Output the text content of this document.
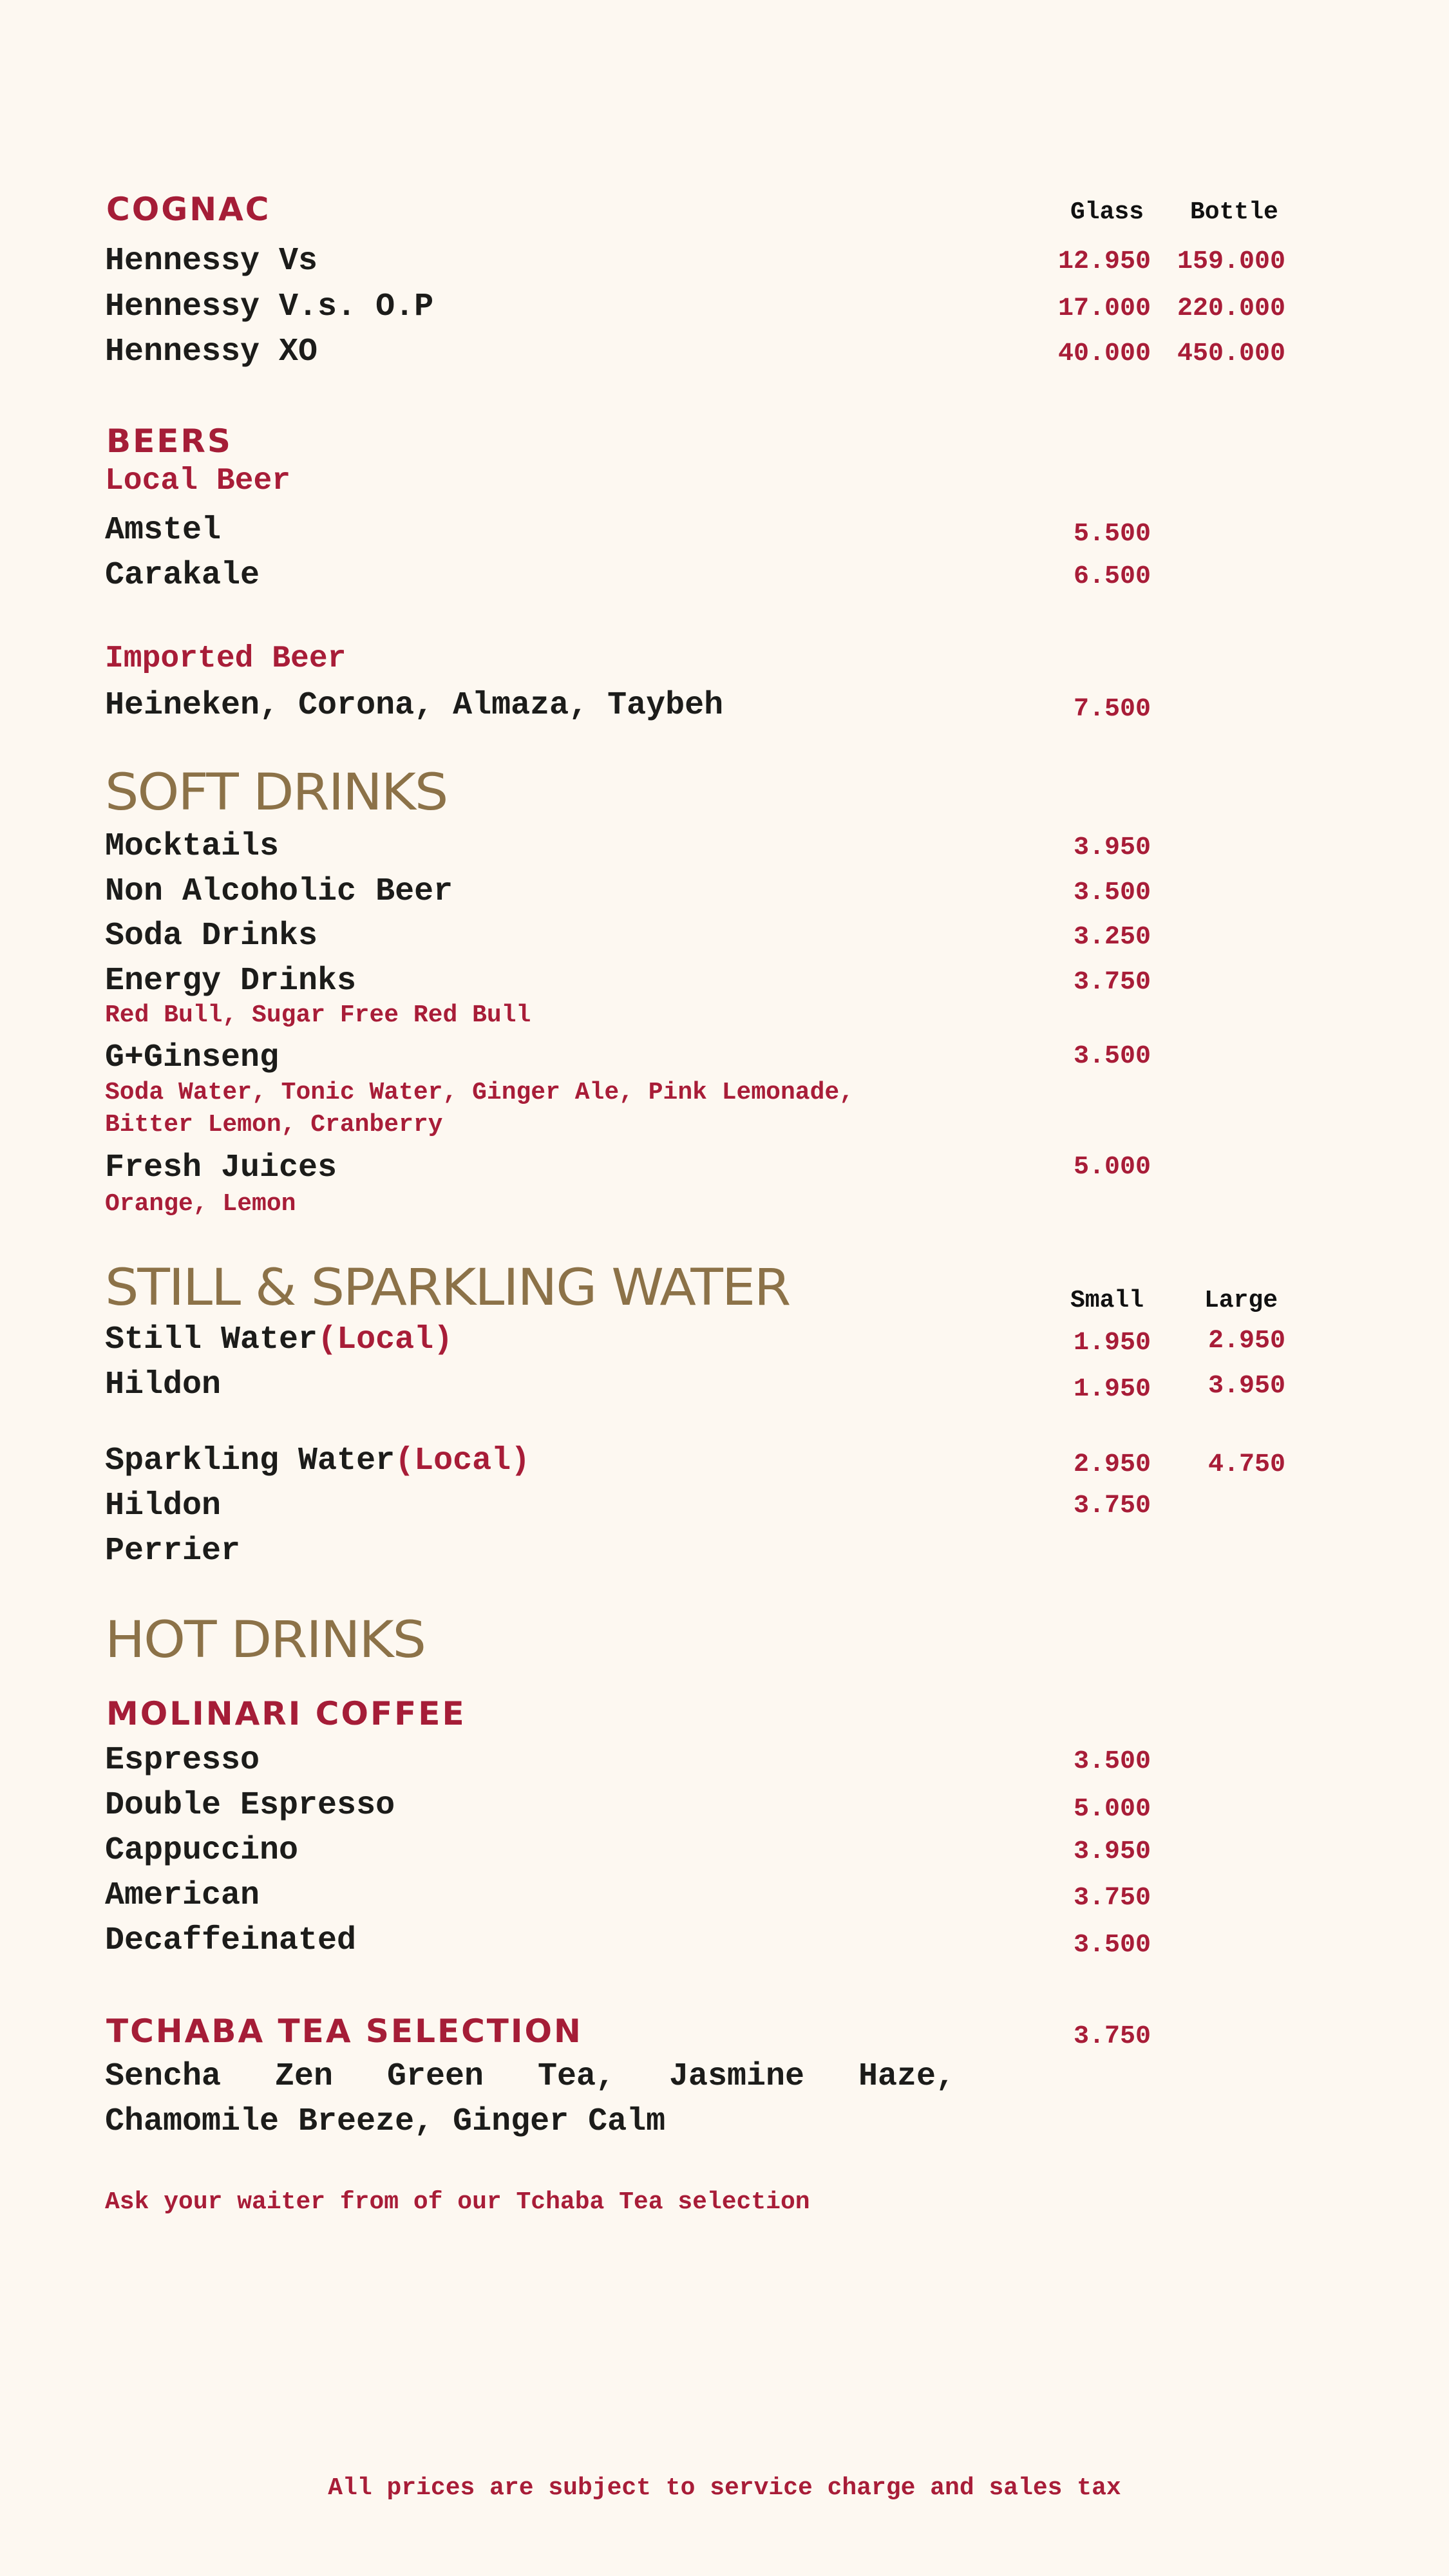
COGNAC	Glass Bottle
Hennessy Vs	12.950 159.000
Hennessy V.s. O.P	17.000 220.000
Hennessy XO	40.000 450.000
BEERS
Local Beer
Amstel	5.500
Carakale	6.500
Imported Beer
Heineken, Corona, Almaza, Taybeh	7.500
SOFT DRINKS
Mocktails	3.950
Non Alcoholic Beer	3.500
Soda Drinks	3.250
Energy Drinks	3.750
Red Bull, Sugar Free Red Bull
G+Ginseng	3.500
Soda Water, Tonic Water, Ginger Ale, Pink Lemonade,
Bitter Lemon, Cranberry
Fresh Juices	5.000
Orange, Lemon
STILL & SPARKLING WATER	Small Large
Still Water(Local)	1.950 2.950
Hildon	1.950 3.950
Sparkling Water(Local)	2.950 4.750
Hildon	3.750
Perrier
HOT DRINKS
MOLINARI COFFEE
Espresso	3.500
Double Espresso	5.000
Cappuccino	3.950
American	3.750
Decaffeinated	3.500
TCHABA TEA SELECTION	3.750
Sencha Zen Green Tea, Jasmine Haze, Chamomile Breeze, Ginger Calm
Ask your waiter from of our Tchaba Tea selection
All prices are subject to service charge and sales tax
